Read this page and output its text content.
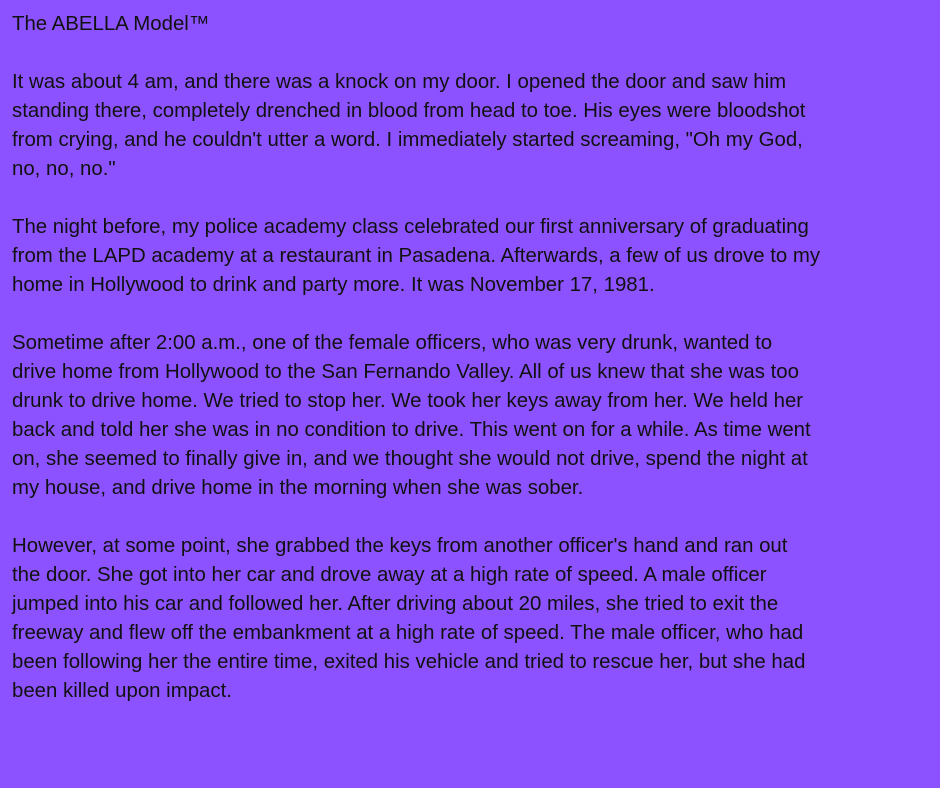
The ABELLA Model™
It was about 4 am, and there was a knock on my door. I opened the door and saw him
standing there, completely drenched in blood from head to toe. His eyes were bloodshot
from crying, and he couldn't utter a word. I immediately started screaming, "Oh my God,
no, no, no."
The night before, my police academy class celebrated our first anniversary of graduating
from the LAPD academy at a restaurant in Pasadena. Afterwards, a few of us drove to my
home in Hollywood to drink and party more. It was November 17, 1981.
Sometime after 2:00 a.m., one of the female officers, who was very drunk, wanted to
drive home from Hollywood to the San Fernando Valley. All of us knew that she was too
drunk to drive home. We tried to stop her. We took her keys away from her. We held her
back and told her she was in no condition to drive. This went on for a while. As time went
on, she seemed to finally give in, and we thought she would not drive, spend the night at
my house, and drive home in the morning when she was sober.
However, at some point, she grabbed the keys from another officer's hand and ran out
the door. She got into her car and drove away at a high rate of speed. A male officer
jumped into his car and followed her. After driving about 20 miles, she tried to exit the
freeway and flew off the embankment at a high rate of speed. The male officer, who had
been following her the entire time, exited his vehicle and tried to rescue her, but she had
been killed upon impact.
